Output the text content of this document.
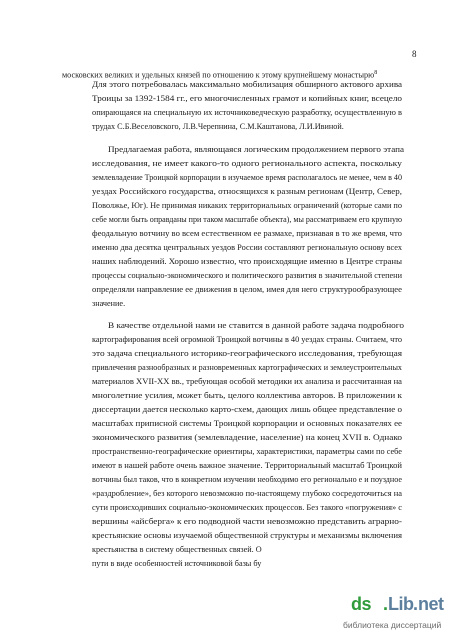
8
московских великих и удельных князей по отношению к этому крупнейшему монастырю$^8$
Для этого потребовалась максимально мобилизация обширного актового архива
Троицы за 1392-1584 гг., его многочисленных грамот и копийных книг, всецело
опирающаяся на специальную их источниковедческую разработку, осуществленную в
трудах С.Б.Веселовского, Л.В.Черепнина, С.М.Каштанова, Л.И.Ивиной.
Предлагаемая работа, являющаяся логическим продолжением первого этапа
исследования, не имеет какого-то одного регионального аспекта, поскольку
землевладение Троицкой корпорации в изучаемое время располагалось не менее, чем в 40
уездах Российского государства, относящихся к разным регионам (Центр, Север,
Поволжье, Юг). Не принимая никаких территориальных ограничений (которые сами по
себе могли быть оправданы при таком масштабе объекта), мы рассматриваем его крупную
феодальную вотчину во всем естественном ее размахе, признавая в то же время, что
именно два десятка центральных уездов России составляют региональную основу всех
наших наблюдений. Хорошо известно, что происходящие именно в Центре страны
процессы социально-экономического и политического развития в значительной степени
определяли направление ее движения в целом, имея для него структурообразующее
значение.
В качестве отдельной нами не ставится в данной работе задача подробного
картографирования всей огромной Троицкой вотчины в 40 уездах страны. Считаем, что
это задача специального историко-географического исследования, требующая
привлечения разнообразных и разновременных картографических и землеустроительных
материалов XVII-XX вв., требующая особой методики их анализа и рассчитанная на
многолетние усилия, может быть, целого коллектива авторов. В приложении к
диссертации дается несколько карто-схем, дающих лишь общее представление о
масштабах приписной системы Троицкой корпорации и основных показателях ее
экономического развития (землевладение, население) на конец XVII в. Однако
пространственно-географические ориентиры, характеристики, параметры сами по себе
имеют в нашей работе очень важное значение. Территориальный масштаб Троицкой
вотчины был таков, что в конкретном изучении необходимо его регионально е и поуздное
«раздробление», без которого невозможно по-настоящему глубоко сосредоточиться на
сути происходивших социально-экономических процессов. Без такого «погружения» с
вершины «айсберга» к его подводной части невозможно представить аграрно-
крестьянские основы изучаемой общественной структуры и механизмы включения
крестьянства в систему общественных связей. О
пути в виде особенностей источниковой базы бу
ds . Lib . net
библиотека диссертаций
